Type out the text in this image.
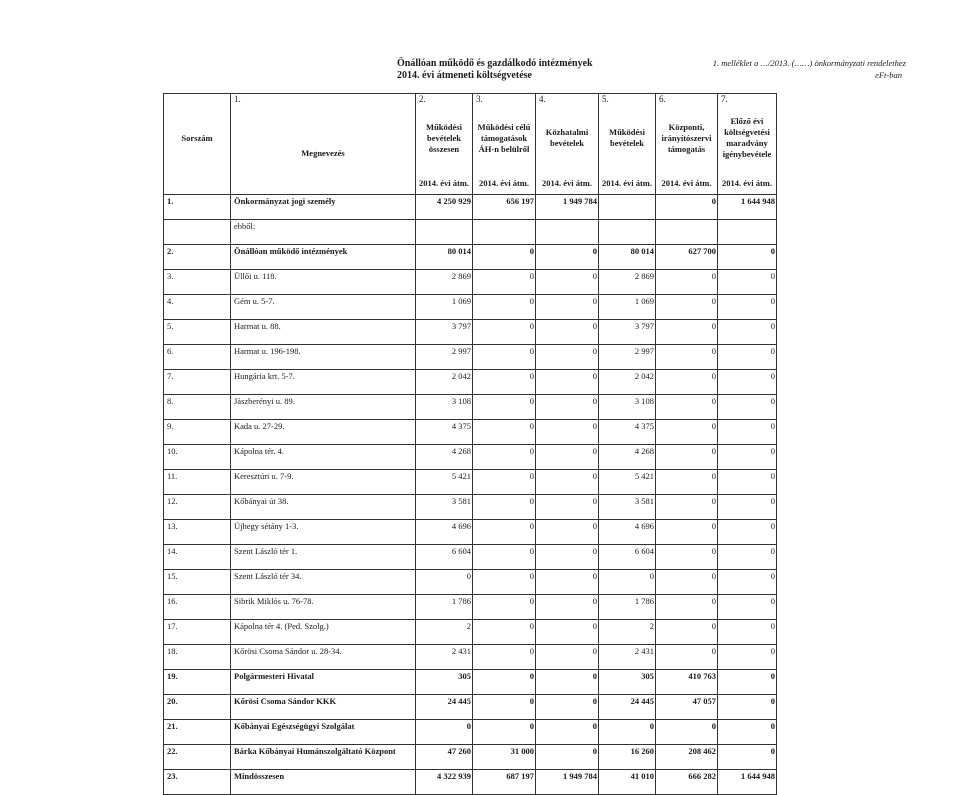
Önállóan működő és gazdálkodó intézmények
2014. évi átmeneti költségvetése
1. melléklet a …/2013. (……) önkormányzati rendelethez
eFt-ban
	1.	2.	3.	4.	5.	6.	7.
Sorszám	Megnevezés	Működési bevételek összesen	Működési célú támogatások ÁH-n belülről	Közhatalmi bevételek	Működési bevételek	Központi, irányítószervi támogatás	Előző évi költségvetési maradvány igénybevétele
		2014. évi átm.	2014. évi átm.	2014. évi átm.	2014. évi átm.	2014. évi átm.	2014. évi átm.
1.	Önkormányzat jogi személy	4 250 929	656 197	1 949 784		0	1 644 948

	ebből:						

2.	Önállóan működő intézmények	80 014	0	0	80 014	627 700	0

3.	Üllői u. 118.	2 869	0	0	2 869	0	0

4.	Gém u. 5-7.	1 069	0	0	1 069	0	0

5.	Harmat u. 88.	3 797	0	0	3 797	0	0

6.	Harmat u. 196-198.	2 997	0	0	2 997	0	0

7.	Hungária krt. 5-7.	2 042	0	0	2 042	0	0

8.	Jászberényi u. 89.	3 108	0	0	3 108	0	0

9.	Kada u. 27-29.	4 375	0	0	4 375	0	0

10.	Kápolna tér. 4.	4 268	0	0	4 268	0	0

11.	Keresztúri u. 7-9.	5 421	0	0	5 421	0	0

12.	Kőbányai út 38.	3 581	0	0	3 581	0	0

13.	Újhegy sétány 1-3.	4 696	0	0	4 696	0	0

14.	Szent László tér 1.	6 604	0	0	6 604	0	0

15.	Szent László tér 34.	0	0	0	0	0	0

16.	Sibrik Miklós u. 76-78.	1 786	0	0	1 786	0	0

17.	Kápolna tér 4. (Ped. Szolg.)	2	0	0	2	0	0

18.	Kőrösi Csoma Sándor u. 28-34.	2 431	0	0	2 431	0	0

19.	Polgármesteri Hivatal	305	0	0	305	410 763	0

20.	Kőrösi Csoma Sándor KKK	24 445	0	0	24 445	47 057	0

21.	Kőbányai Egészségügyi Szolgálat	0	0	0	0	0	0

22.	Bárka Kőbányai Humánszolgáltató Központ	47 260	31 000	0	16 260	208 462	0

23.	Mindösszesen	4 322 939	687 197	1 949 784	41 010	666 282	1 644 948
